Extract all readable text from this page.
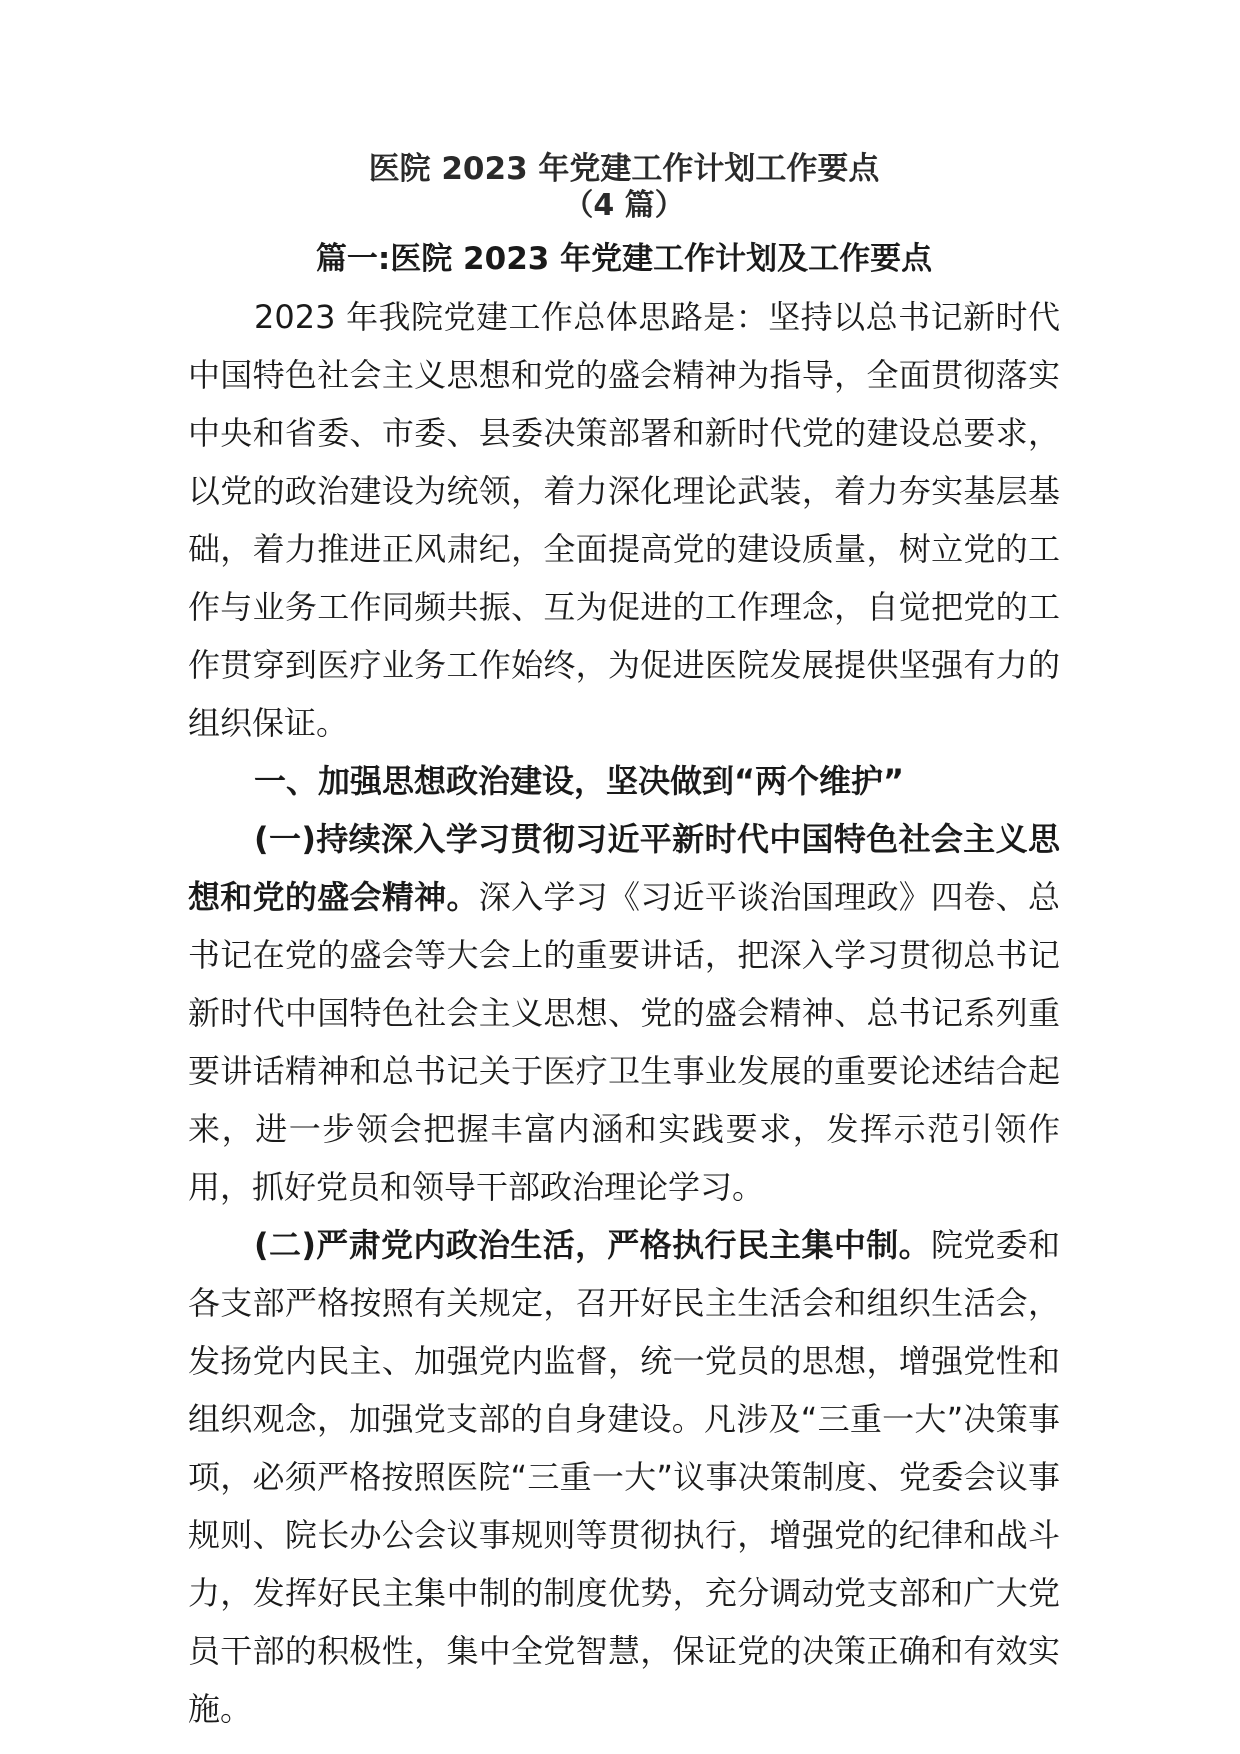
医院 2023 年党建工作计划工作要点
（4 篇）
篇一:医院 2023 年党建工作计划及工作要点

2023 年我院党建工作总体思路是：坚持以总书记新时代中国特色社会主义思想和党的盛会精神为指导，全面贯彻落实中央和省委、市委、县委决策部署和新时代党的建设总要求，以党的政治建设为统领，着力深化理论武装，着力夯实基层基础，着力推进正风肃纪，全面提高党的建设质量，树立党的工作与业务工作同频共振、互为促进的工作理念，自觉把党的工作贯穿到医疗业务工作始终，为促进医院发展提供坚强有力的组织保证。

一、加强思想政治建设，坚决做到“两个维护”

(一)持续深入学习贯彻习近平新时代中国特色社会主义思想和党的盛会精神。深入学习《习近平谈治国理政》四卷、总书记在党的盛会等大会上的重要讲话，把深入学习贯彻总书记新时代中国特色社会主义思想、党的盛会精神、总书记系列重要讲话精神和总书记关于医疗卫生事业发展的重要论述结合起来，进一步领会把握丰富内涵和实践要求，发挥示范引领作用，抓好党员和领导干部政治理论学习。

(二)严肃党内政治生活，严格执行民主集中制。院党委和各支部严格按照有关规定，召开好民主生活会和组织生活会，发扬党内民主、加强党内监督，统一党员的思想，增强党性和组织观念，加强党支部的自身建设。凡涉及“三重一大”决策事项，必须严格按照医院“三重一大”议事决策制度、党委会议事规则、院长办公会议事规则等贯彻执行，增强党的纪律和战斗力，发挥好民主集中制的制度优势，充分调动党支部和广大党员干部的积极性，集中全党智慧，保证党的决策正确和有效实施。
